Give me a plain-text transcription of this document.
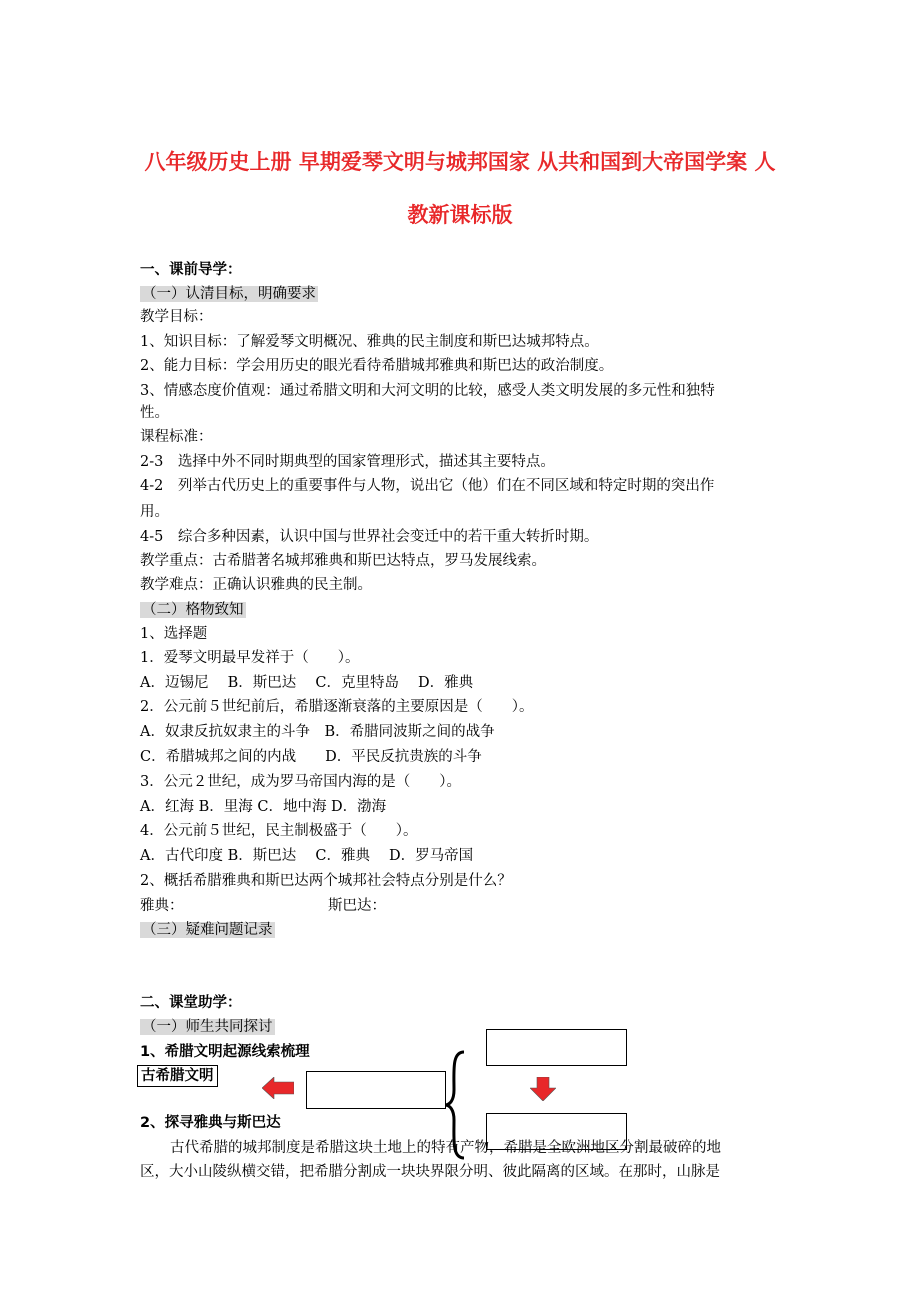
八年级历史上册 早期爱琴文明与城邦国家 从共和国到大帝国学案 人
教新课标版
一、课前导学：
（一）认清目标，明确要求
教学目标：
1、知识目标：了解爱琴文明概况、雅典的民主制度和斯巴达城邦特点。
2、能力目标：学会用历史的眼光看待希腊城邦雅典和斯巴达的政治制度。
3、情感态度价值观：通过希腊文明和大河文明的比较，感受人类文明发展的多元性和独特
性。
课程标准：
2-3　选择中外不同时期典型的国家管理形式，描述其主要特点。
4-2　列举古代历史上的重要事件与人物，说出它（他）们在不同区域和特定时期的突出作
用。
4-5　综合多种因素，认识中国与世界社会变迁中的若干重大转折时期。
教学重点：古希腊著名城邦雅典和斯巴达特点，罗马发展线索。
教学难点：正确认识雅典的民主制。
（二）格物致知
1、选择题
1．爱琴文明最早发祥于（　　）。
A．迈锡尼　 B．斯巴达　 C．克里特岛　 D．雅典
2．公元前５世纪前后，希腊逐渐衰落的主要原因是（　　）。
A．奴隶反抗奴隶主的斗争　B．希腊同波斯之间的战争
C．希腊城邦之间的内战　　D．平民反抗贵族的斗争
3．公元２世纪，成为罗马帝国内海的是（　　）。
A．红海 B．里海 C．地中海 D．渤海
4．公元前５世纪，民主制极盛于（　　）。
A．古代印度 B．斯巴达　 C．雅典　 D．罗马帝国
2、概括希腊雅典和斯巴达两个城邦社会特点分别是什么？
雅典：	斯巴达：
（三）疑难问题记录
二、课堂助学：
（一）师生共同探讨
1、希腊文明起源线索梳理
古希腊文明
2、探寻雅典与斯巴达
古代希腊的城邦制度是希腊这块土地上的特有产物，希腊是全欧洲地区分割最破碎的地
区，大小山陵纵横交错，把希腊分割成一块块界限分明、彼此隔离的区域。在那时，山脉是
